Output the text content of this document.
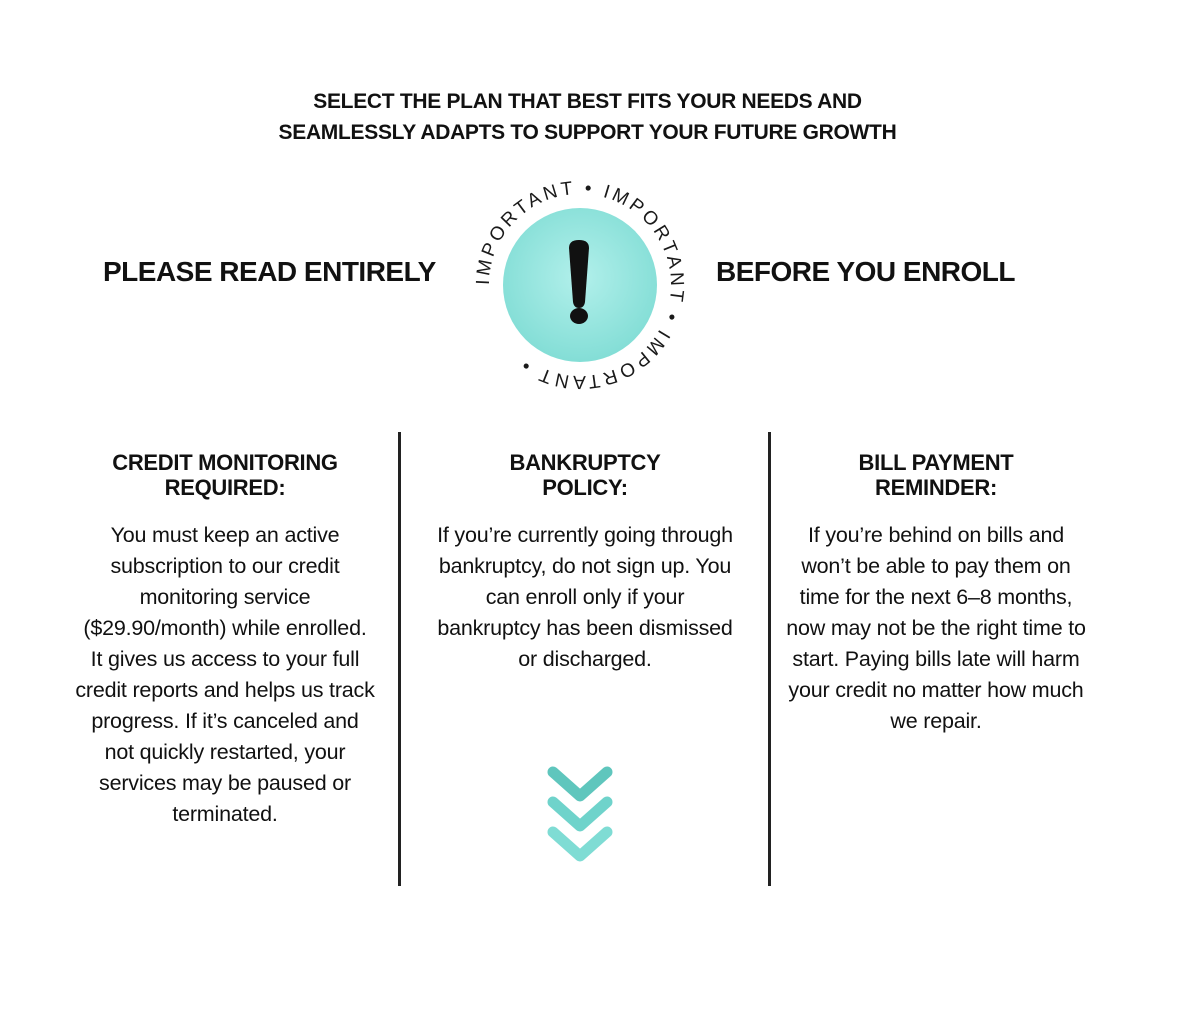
SELECT THE PLAN THAT BEST FITS YOUR NEEDS AND
SEAMLESSLY ADAPTS TO SUPPORT YOUR FUTURE GROWTH
PLEASE READ ENTIRELY IMPORTANT • IMPORTANT • IMPORTANT •
BEFORE YOU ENROLL
CREDIT MONITORING
REQUIRED:

You must keep an active subscription to our credit monitoring service ($29.90/month) while enrolled. It gives us access to your full credit reports and helps us track progress. If it’s canceled and not quickly restarted, your services may be paused or terminated.

BANKRUPTCY
POLICY:

If you’re currently going through bankruptcy, do not sign up. You can enroll only if your bankruptcy has been dismissed or discharged.

BILL PAYMENT
REMINDER:

If you’re behind on bills and won’t be able to pay them on time for the next 6–8 months, now may not be the right time to start. Paying bills late will harm your credit no matter how much we repair.
